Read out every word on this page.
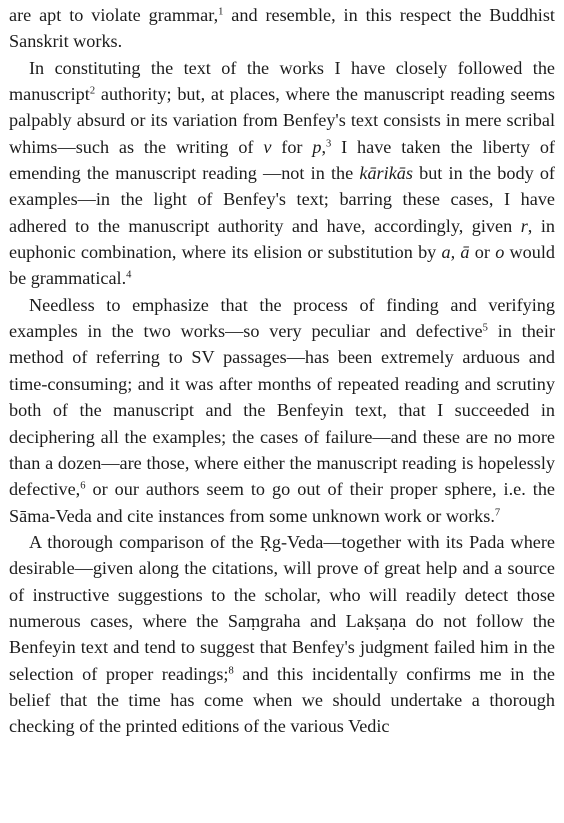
are apt to violate grammar,$^1$ and resemble, in this respect the Buddhist Sanskrit works.

In constituting the text of the works I have closely followed the manuscript$^2$ authority; but, at places, where the manuscript reading seems palpably absurd or its variation from Benfey's text consists in mere scribal whims—such as the writing of v for p,$^3$ I have taken the liberty of emending the manuscript reading —not in the kārikās but in the body of examples—in the light of Benfey's text; barring these cases, I have adhered to the manuscript authority and have, accordingly, given r, in euphonic combination, where its elision or substitution by a, ā or o would be grammatical.$^4$

Needless to emphasize that the process of finding and verifying examples in the two works—so very peculiar and defective$^5$ in their method of referring to SV passages—has been extremely arduous and time-consuming; and it was after months of repeated reading and scrutiny both of the manuscript and the Benfeyin text, that I succeeded in deciphering all the examples; the cases of failure—and these are no more than a dozen—are those, where either the manuscript reading is hopelessly defective,$^6$ or our authors seem to go out of their proper sphere, i.e. the Sāma-Veda and cite instances from some unknown work or works.$^7$

A thorough comparison of the Ṛg-Veda—together with its Pada where desirable—given along the citations, will prove of great help and a source of instructive suggestions to the scholar, who will readily detect those numerous cases, where the Saṃgraha and Lakṣaṇa do not follow the Benfeyin text and tend to suggest that Benfey's judgment failed him in the selection of proper readings;$^8$ and this incidentally confirms me in the belief that the time has come when we should undertake a thorough checking of the printed editions of the various Vedic
